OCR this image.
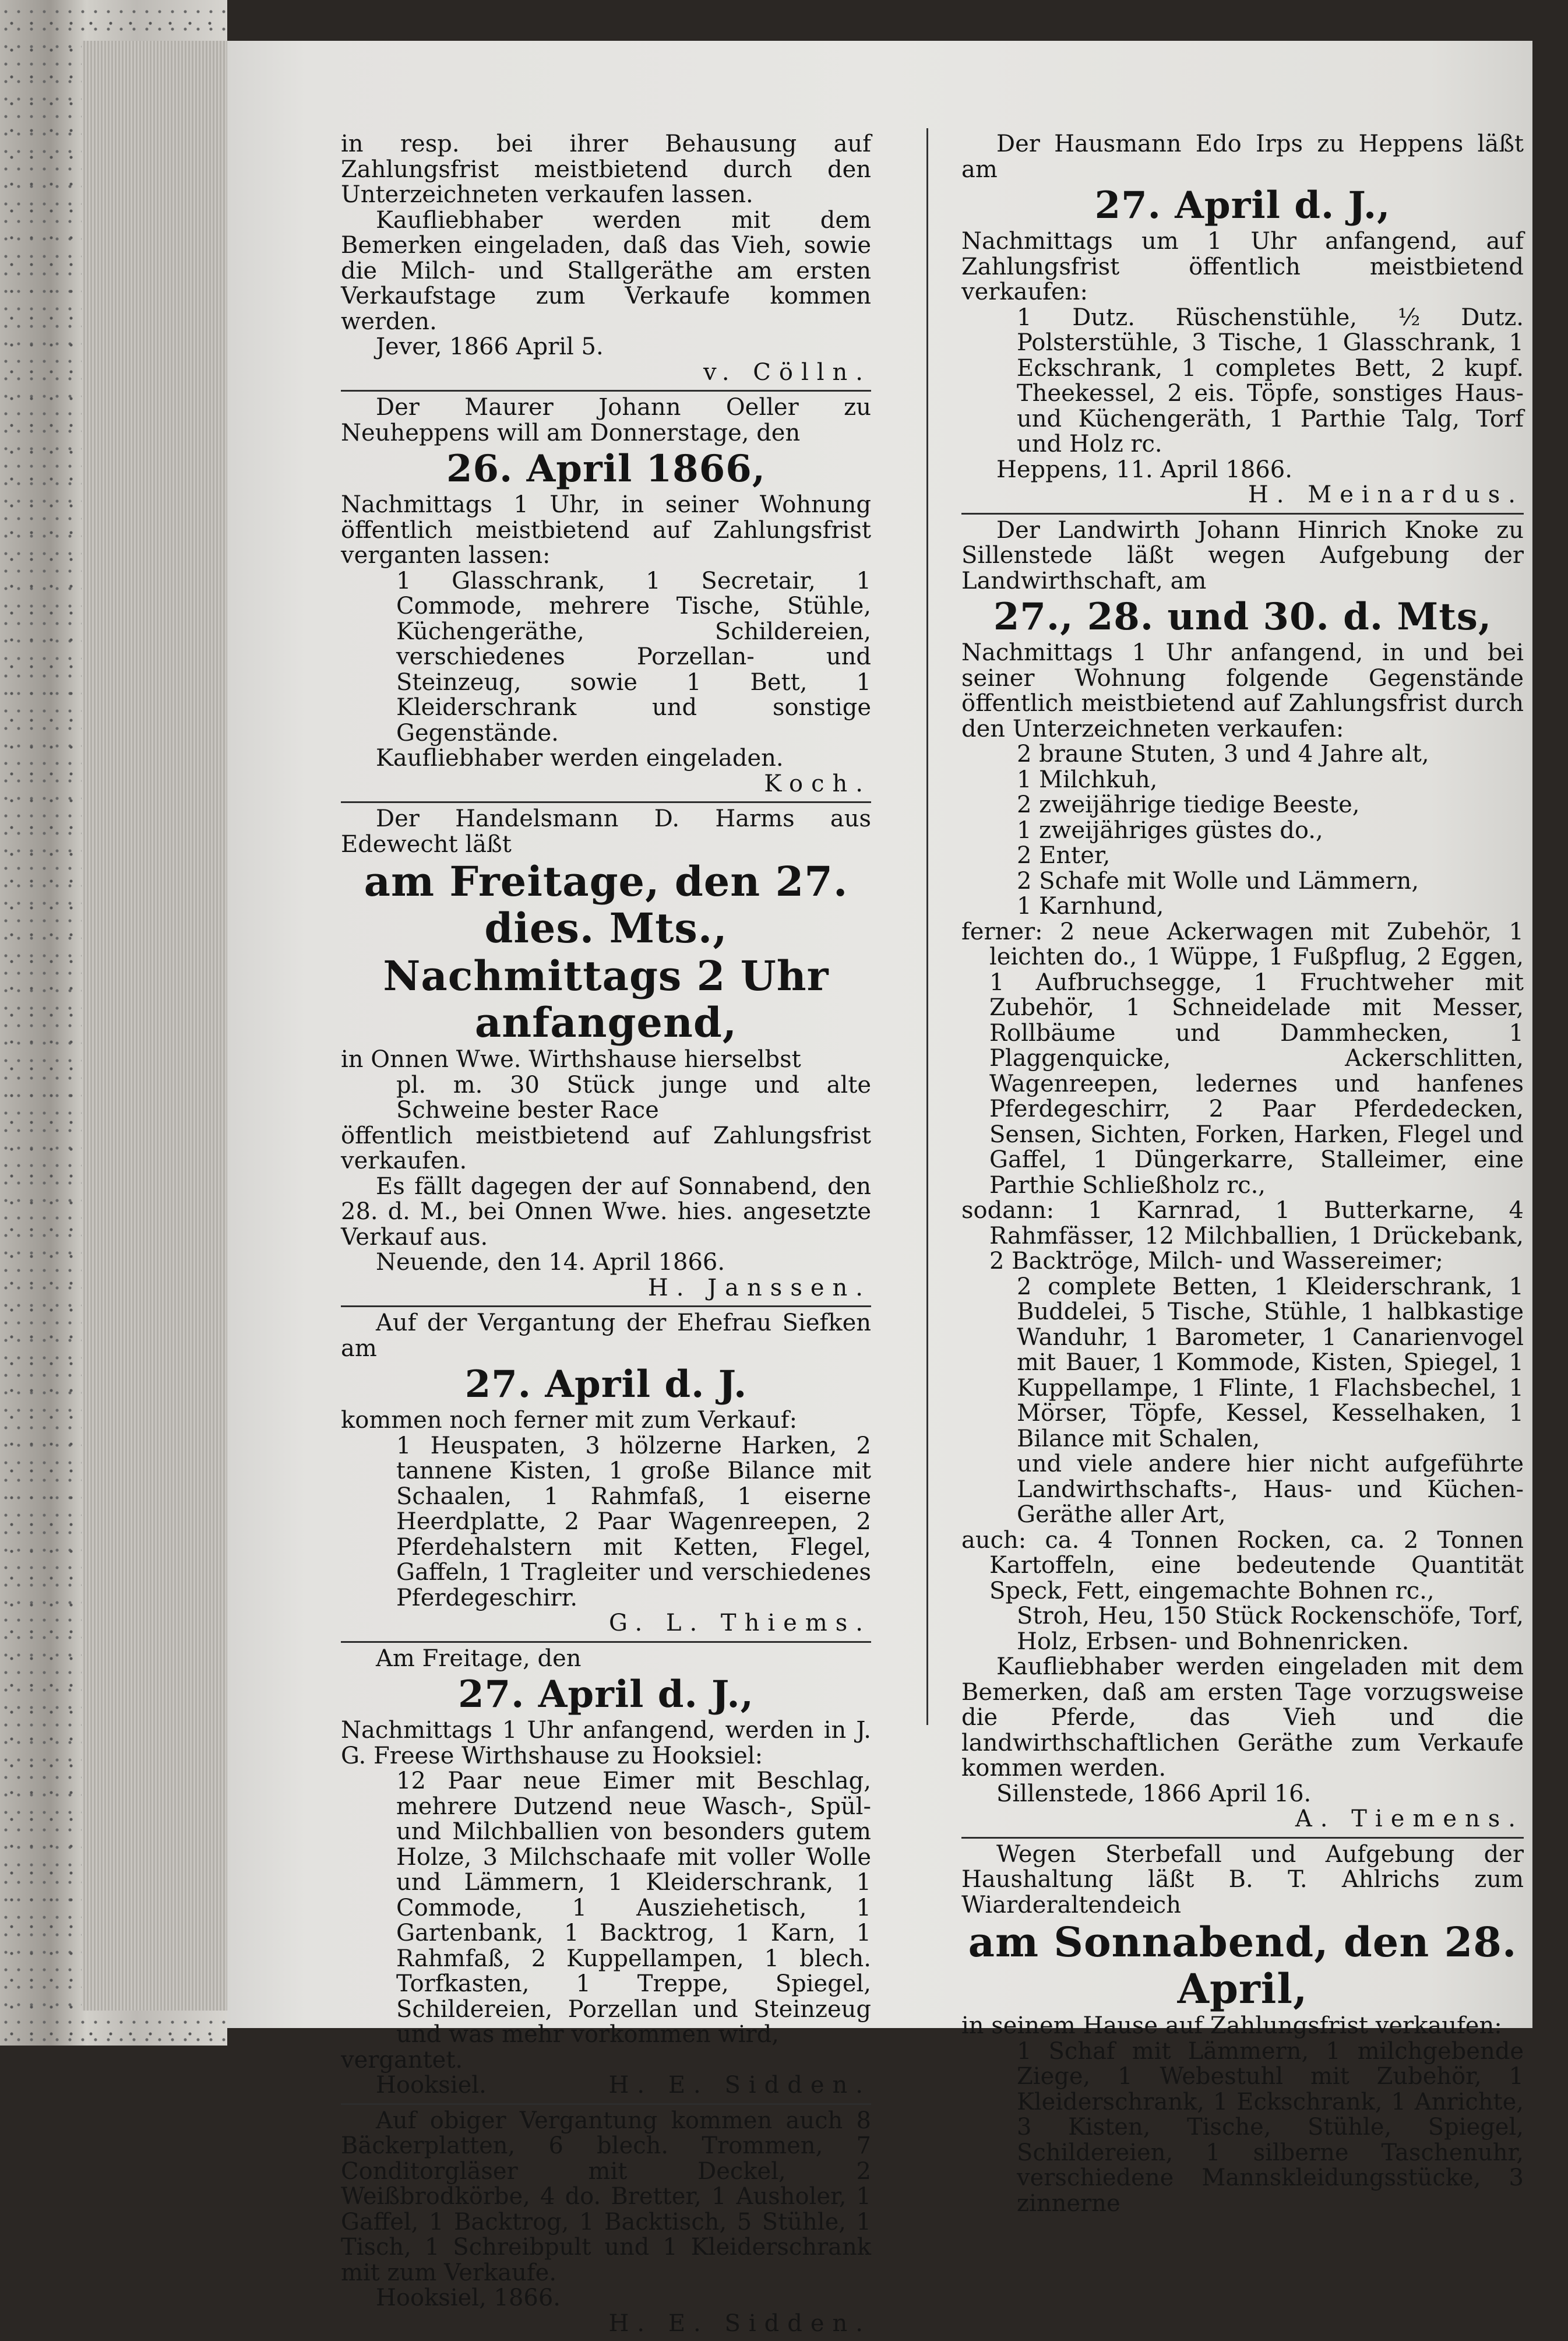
in resp. bei ihrer Behausung auf Zahlungsfrist meistbietend durch den Unterzeichneten verkaufen lassen.

Kaufliebhaber werden mit dem Bemerken eingeladen, daß das Vieh, sowie die Milch- und Stallgeräthe am ersten Verkaufstage zum Verkaufe kommen werden.

Jever, 1866 April 5.

v. Cölln.

Der Maurer Johann Oeller zu Neuheppens will am Donnerstage, den

26. April 1866,

Nachmittags 1 Uhr, in seiner Wohnung öffentlich meistbietend auf Zahlungsfrist verganten lassen:

1 Glasschrank, 1 Secretair, 1 Commode, mehrere Tische, Stühle, Küchengeräthe, Schildereien, verschiedenes Porzellan- und Steinzeug, sowie 1 Bett, 1 Kleiderschrank und sonstige Gegenstände.

Kaufliebhaber werden eingeladen.

Koch.

Der Handelsmann D. Harms aus Edewecht läßt

am Freitage, den 27. dies. Mts.,
Nachmittags 2 Uhr anfangend,

in Onnen Wwe. Wirthshause hierselbst

pl. m. 30 Stück junge und alte Schweine bester Race

öffentlich meistbietend auf Zahlungsfrist verkaufen.

Es fällt dagegen der auf Sonnabend, den 28. d. M., bei Onnen Wwe. hies. angesetzte Verkauf aus.

Neuende, den 14. April 1866.

H. Janssen.

Auf der Vergantung der Ehefrau Siefken am

27. April d. J.

kommen noch ferner mit zum Verkauf:

1 Heuspaten, 3 hölzerne Harken, 2 tannene Kisten, 1 große Bilance mit Schaalen, 1 Rahmfaß, 1 eiserne Heerdplatte, 2 Paar Wagenreepen, 2 Pferdehalstern mit Ketten, Flegel, Gaffeln, 1 Tragleiter und verschiedenes Pferdegeschirr.

G. L. Thiems.

Am Freitage, den

27. April d. J.,

Nachmittags 1 Uhr anfangend, werden in J. G. Freese Wirthshause zu Hooksiel:

12 Paar neue Eimer mit Beschlag, mehrere Dutzend neue Wasch-, Spül- und Milchballien von besonders gutem Holze, 3 Milchschaafe mit voller Wolle und Lämmern, 1 Kleiderschrank, 1 Commode, 1 Ausziehetisch, 1 Gartenbank, 1 Backtrog, 1 Karn, 1 Rahmfaß, 2 Kuppellampen, 1 blech. Torfkasten, 1 Treppe, Spiegel, Schildereien, Porzellan und Steinzeug und was mehr vorkommen wird,

vergantet.

Hooksiel.	H. E. Sidden.

Auf obiger Vergantung kommen auch 8 Bäckerplatten, 6 blech. Trommen, 7 Conditorgläser mit Deckel, 2 Weißbrodkörbe, 4 do. Bretter, 1 Ausholer, 1 Gaffel, 1 Backtrog, 1 Backtisch, 5 Stühle, 1 Tisch, 1 Schreibpult und 1 Kleiderschrank mit zum Verkaufe.

Hooksiel, 1866.

H. E. Sidden.

Der Hausmann Edo Irps zu Heppens läßt am

27. April d. J.,

Nachmittags um 1 Uhr anfangend, auf Zahlungsfrist öffentlich meistbietend verkaufen:

1 Dutz. Rüschenstühle, ½ Dutz. Polsterstühle, 3 Tische, 1 Glasschrank, 1 Eckschrank, 1 completes Bett, 2 kupf. Theekessel, 2 eis. Töpfe, sonstiges Haus- und Küchengeräth, 1 Parthie Talg, Torf und Holz rc.

Heppens, 11. April 1866.

H. Meinardus.

Der Landwirth Johann Hinrich Knoke zu Sillenstede läßt wegen Aufgebung der Landwirthschaft, am

27., 28. und 30. d. Mts,

Nachmittags 1 Uhr anfangend, in und bei seiner Wohnung folgende Gegenstände öffentlich meistbietend auf Zahlungsfrist durch den Unterzeichneten verkaufen:

2 braune Stuten, 3 und 4 Jahre alt,
1 Milchkuh,
2 zweijährige tiedige Beeste,
1 zweijähriges güstes do.,
2 Enter,
2 Schafe mit Wolle und Lämmern,
1 Karnhund,

ferner: 2 neue Ackerwagen mit Zubehör, 1 leichten do., 1 Wüppe, 1 Fußpflug, 2 Eggen, 1 Aufbruchsegge, 1 Fruchtweher mit Zubehör, 1 Schneidelade mit Messer, Rollbäume und Dammhecken, 1 Plaggenquicke, Ackerschlitten, Wagenreepen, ledernes und hanfenes Pferdegeschirr, 2 Paar Pferdedecken, Sensen, Sichten, Forken, Harken, Flegel und Gaffel, 1 Düngerkarre, Stalleimer, eine Parthie Schließholz rc.,

sodann: 1 Karnrad, 1 Butterkarne, 4 Rahmfässer, 12 Milchballien, 1 Drückebank, 2 Backtröge, Milch- und Wassereimer;

2 complete Betten, 1 Kleiderschrank, 1 Buddelei, 5 Tische, Stühle, 1 halbkastige Wanduhr, 1 Barometer, 1 Canarienvogel mit Bauer, 1 Kommode, Kisten, Spiegel, 1 Kuppellampe, 1 Flinte, 1 Flachsbechel, 1 Mörser, Töpfe, Kessel, Kesselhaken, 1 Bilance mit Schalen,

und viele andere hier nicht aufgeführte Landwirthschafts-, Haus- und Küchen-Geräthe aller Art,

auch: ca. 4 Tonnen Rocken, ca. 2 Tonnen Kartoffeln, eine bedeutende Quantität Speck, Fett, eingemachte Bohnen rc.,

Stroh, Heu, 150 Stück Rockenschöfe, Torf, Holz, Erbsen- und Bohnenricken.

Kaufliebhaber werden eingeladen mit dem Bemerken, daß am ersten Tage vorzugsweise die Pferde, das Vieh und die landwirthschaftlichen Geräthe zum Verkaufe kommen werden.

Sillenstede, 1866 April 16.

A. Tiemens.

Wegen Sterbefall und Aufgebung der Haushaltung läßt B. T. Ahlrichs zum Wiarderaltendeich

am Sonnabend, den 28. April,

in seinem Hause auf Zahlungsfrist verkaufen:

1 Schaf mit Lämmern, 1 milchgebende Ziege, 1 Webestuhl mit Zubehör, 1 Kleiderschrank, 1 Eckschrank, 1 Anrichte, 3 Kisten, Tische, Stühle, Spiegel, Schildereien, 1 silberne Taschenuhr, verschiedene Mannskleidungsstücke, 3 zinnerne
